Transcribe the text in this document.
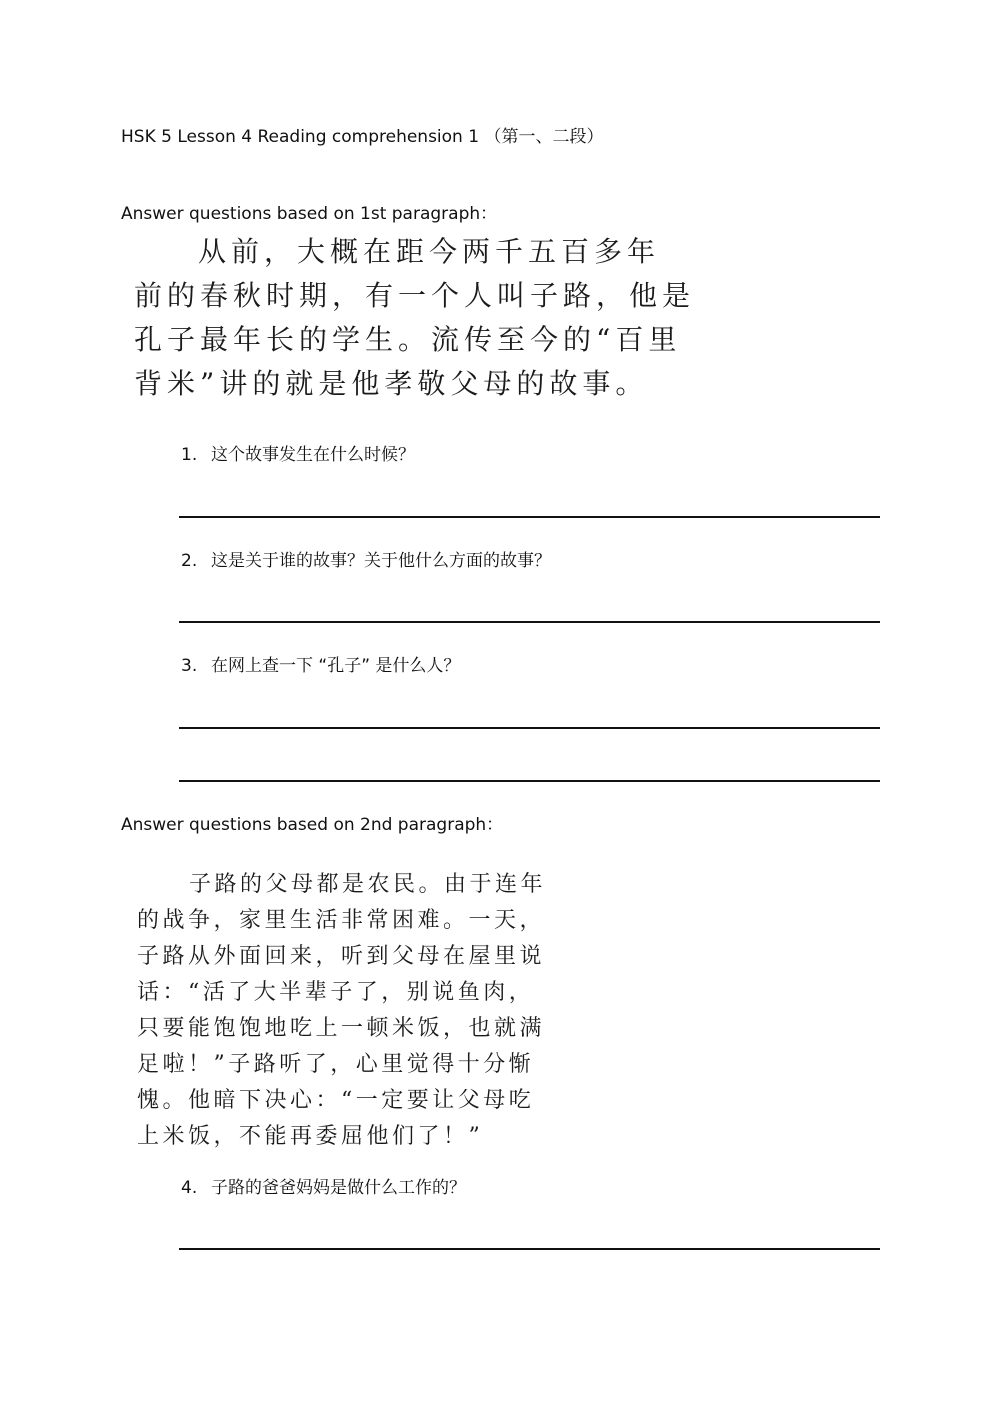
HSK 5 Lesson 4 Reading comprehension 1 （第一、二段）
Answer questions based on 1st paragraph：
从前，大概在距今两千五百多年
前的春秋时期，有一个人叫子路，他是
孔子最年长的学生。流传至今的“百里
背米”讲的就是他孝敬父母的故事。
1. 这个故事发生在什么时候？
2. 这是关于谁的故事？关于他什么方面的故事？
3. 在网上查一下 “孔子” 是什么人？
Answer questions based on 2nd paragraph：
子路的父母都是农民。由于连年
的战争，家里生活非常困难。一天，
子路从外面回来，听到父母在屋里说
话：“活了大半辈子了，别说鱼肉，
只要能饱饱地吃上一顿米饭，也就满
足啦！”子路听了，心里觉得十分惭
愧。他暗下决心：“一定要让父母吃
上米饭，不能再委屈他们了！”
4. 子路的爸爸妈妈是做什么工作的？
